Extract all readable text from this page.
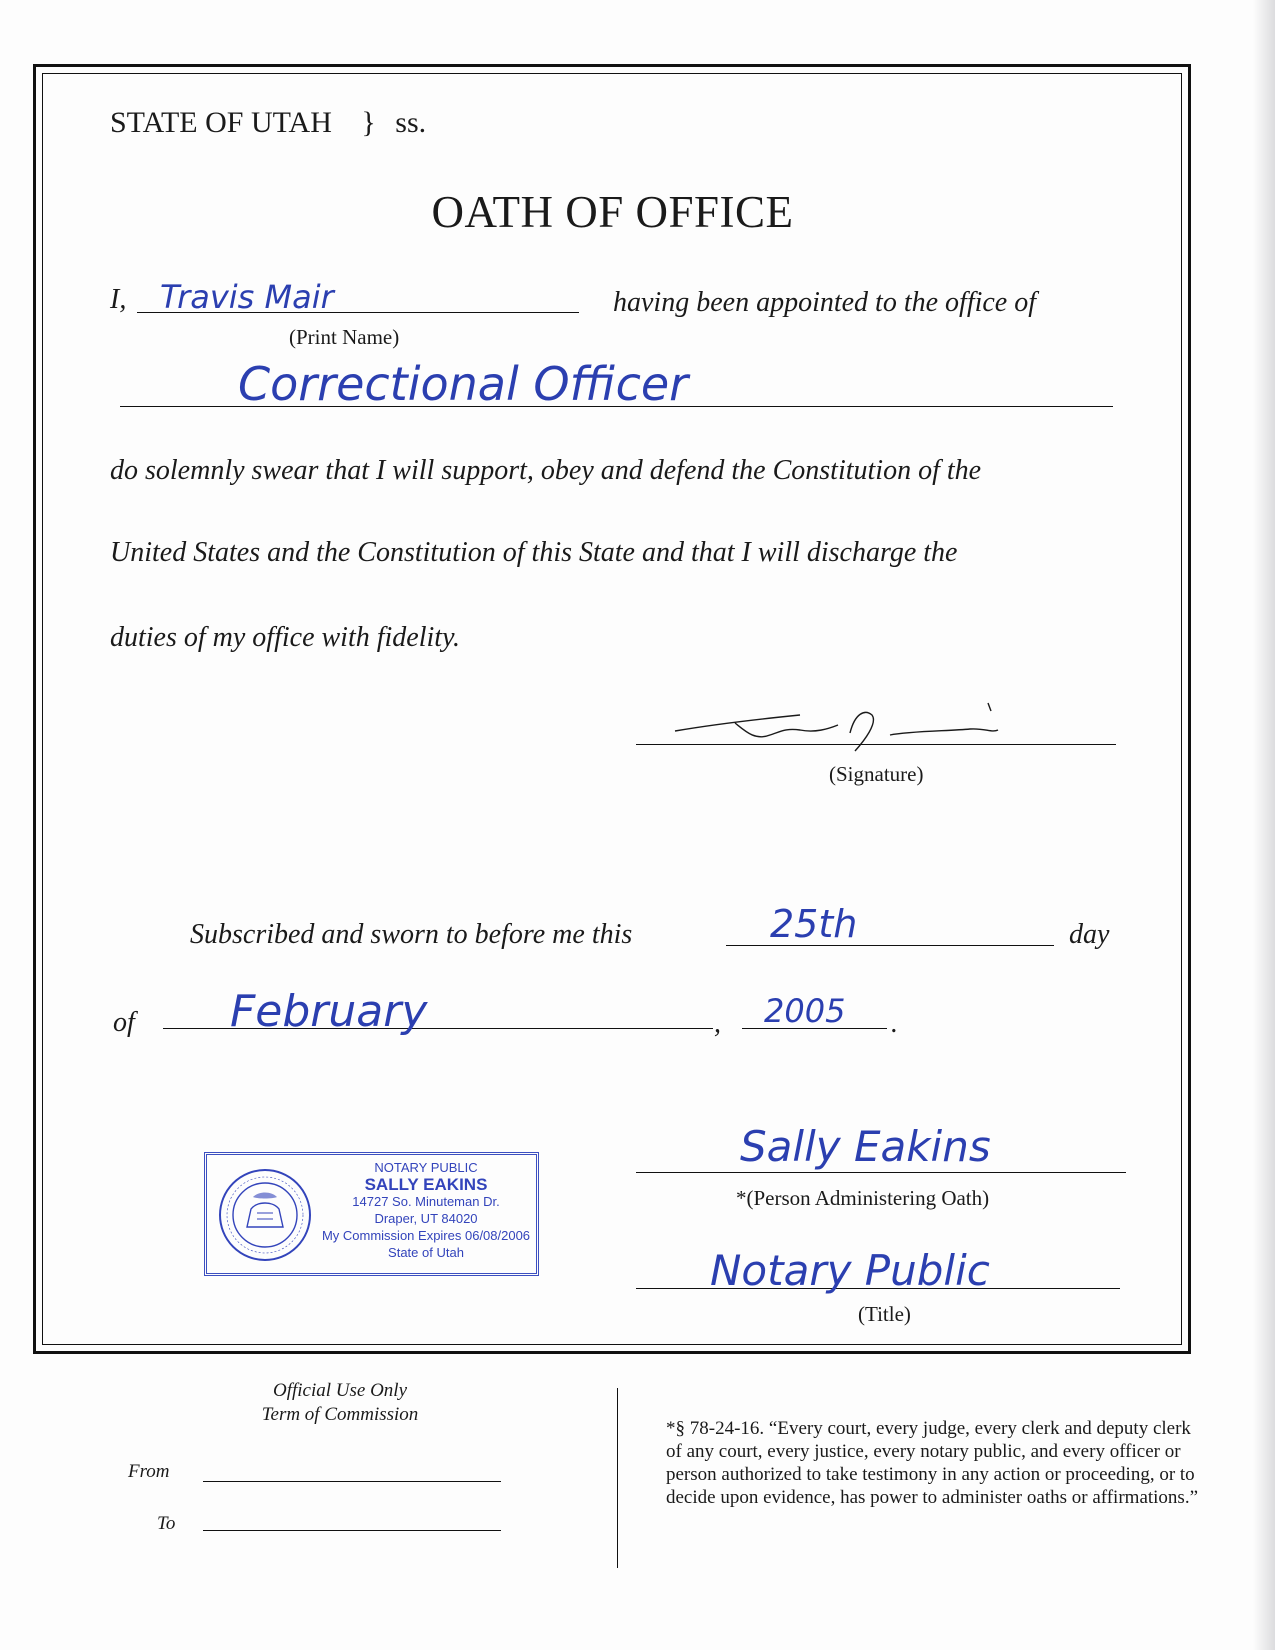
STATE OF UTAH } ss.
OATH OF OFFICE
I, Travis Mair
(Print Name)
having been appointed to the office of
Correctional Officer
do solemnly swear that I will support, obey and defend the Constitution of the
United States and the Constitution of this State and that I will discharge the
duties of my office with fidelity.
(Signature)
Subscribed and sworn to before me this	25th	day
of February	, 2005 .
NOTARY PUBLIC
SALLY EAKINS
14727 So. Minuteman Dr.
Draper, UT 84020
My Commission Expires 06/08/2006
State of Utah
Sally Eakins
*(Person Administering Oath)
Notary Public
(Title)
Official Use Only
Term of Commission
From
To
*§ 78-24-16. “Every court, every judge, every clerk and deputy clerk of any court, every justice, every notary public, and every officer or person authorized to take testimony in any action or proceeding, or to decide upon evidence, has power to administer oaths or affirmations.”
